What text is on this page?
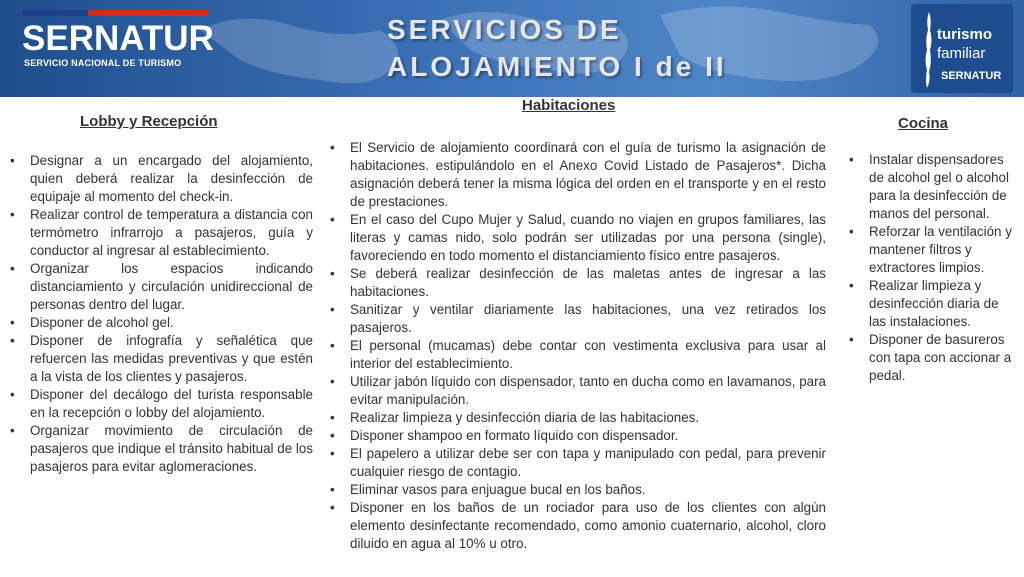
SERNATUR
SERVICIO NACIONAL DE TURISMO
SERVICIOS DE
ALOJAMIENTO I de II
turismo
familiar
SERNATUR
Lobby y Recepción
Habitaciones
Cocina
• Designar a un encargado del alojamiento, quien deberá realizar la desinfección de equipaje al momento del check-in.
• Realizar control de temperatura a distancia con termómetro infrarrojo a pasajeros, guía y conductor al ingresar al establecimiento.
• Organizar los espacios indicando distanciamiento y circulación unidireccional de personas dentro del lugar.
• Disponer de alcohol gel.
• Disponer de infografía y señalética que refuercen las medidas preventivas y que estén a la vista de los clientes y pasajeros.
• Disponer del decálogo del turista responsable en la recepción o lobby del alojamiento.
• Organizar movimiento de circulación de pasajeros que indique el tránsito habitual de los pasajeros para evitar aglomeraciones.
• El Servicio de alojamiento coordinará con el guía de turismo la asignación de habitaciones. estipulándolo en el Anexo Covid Listado de Pasajeros*. Dicha asignación deberá tener la misma lógica del orden en el transporte y en el resto de prestaciones.
• En el caso del Cupo Mujer y Salud, cuando no viajen en grupos familiares, las literas y camas nido, solo podrán ser utilizadas por una persona (single), favoreciendo en todo momento el distanciamiento físico entre pasajeros.
• Se deberá realizar desinfección de las maletas antes de ingresar a las habitaciones.
• Sanitizar y ventilar diariamente las habitaciones, una vez retirados los pasajeros.
• El personal (mucamas) debe contar con vestimenta exclusiva para usar al interior del establecimiento.
• Utilizar jabón líquido con dispensador, tanto en ducha como en lavamanos, para evitar manipulación.
• Realizar limpieza y desinfección diaria de las habitaciones.
• Disponer shampoo en formato líquido con dispensador.
• El papelero a utilizar debe ser con tapa y manipulado con pedal, para prevenir cualquier riesgo de contagio.
• Eliminar vasos para enjuague bucal en los baños.
• Disponer en los baños de un rociador para uso de los clientes con algún elemento desinfectante recomendado, como amonio cuaternario, alcohol, cloro diluido en agua al 10% u otro.
• Instalar dispensadores de alcohol gel o alcohol para la desinfección de manos del personal.
• Reforzar la ventilación y mantener filtros y extractores limpios.
• Realizar limpieza y desinfección diaria de las instalaciones.
• Disponer de basureros con tapa con accionar a pedal.
